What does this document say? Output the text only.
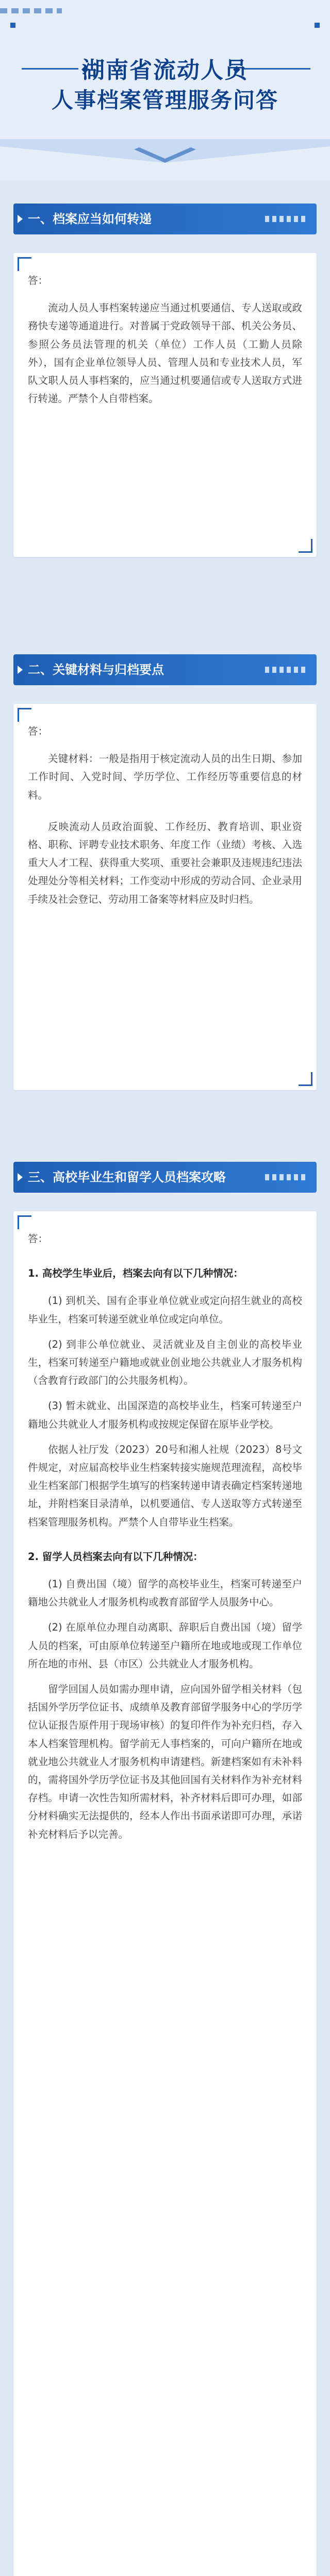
湖南省流动人员
人事档案管理服务问答
一、档案应当如何转递

答：

流动人员人事档案转递应当通过机要通信、专人送取或政務快专递等通道进行。对普属于党政领导干部、机关公务员、参照公务员法管理的机关（单位）工作人员（工勤人员除外），国有企业单位领导人员、管理人员和专业技术人员，军队文职人员人事档案的，应当通过机要通信或专人送取方式进行转递。严禁个人自带档案。

二、关键材料与归档要点

答：

关键材料：一般是指用于核定流动人员的出生日期、参加工作时间、入党时间、学历学位、工作经历等重要信息的材料。

反映流动人员政治面貌、工作经历、教育培训、职业资格、职称、评聘专业技术职务、年度工作（业绩）考核、入选重大人才工程、获得重大奖项、重要社会兼职及违规违纪违法处理处分等相关材料；工作变动中形成的劳动合同、企业录用手续及社会登记、劳动用工备案等材料应及时归档。

三、高校毕业生和留学人员档案攻略

答：

1. 高校学生毕业后，档案去向有以下几种情况：

(1) 到机关、国有企事业单位就业或定向招生就业的高校毕业生，档案可转递至就业单位或定向单位。

(2) 到非公单位就业、灵活就业及自主创业的高校毕业生，档案可转递至户籍地或就业创业地公共就业人才服务机构（含教育行政部门的公共服务机构）。

(3) 暂未就业、出国深造的高校毕业生，档案可转递至户籍地公共就业人才服务机构或按规定保留在原毕业学校。

依据人社厅发（2023）20号和湘人社规（2023）8号文件规定，对应届高校毕业生档案转接实施规范理流程，高校毕业生档案部门根据学生填写的档案转递申请表确定档案转递地址，并附档案目录清单，以机要通信、专人送取等方式转递至档案管理服务机构。严禁个人自带毕业生档案。

2. 留学人员档案去向有以下几种情况：

(1) 自费出国（境）留学的高校毕业生，档案可转递至户籍地公共就业人才服务机构或教育部留学人员服务中心。

(2) 在原单位办理自动离职、辞职后自费出国（境）留学人员的档案，可由原单位转递至户籍所在地或地或现工作单位所在地的市州、县（市区）公共就业人才服务机构。

留学回国人员如需办理申请，应向国外留学相关材料（包括国外学历学位证书、成绩单及教育部留学服务中心的学历学位认证报告原件用于现场审核）的复印件作为补充归档，存入本人档案管理机构。留学前无人事档案的，可向户籍所在地或就业地公共就业人才服务机构申请建档。新建档案如有未补料的，需将国外学历学位证书及其他回国有关材料作为补充材料存档。申请一次性告知所需材料，补齐材料后即可办理，如部分材料确实无法提供的，经本人作出书面承诺即可办理，承诺补充材料后予以完善。
